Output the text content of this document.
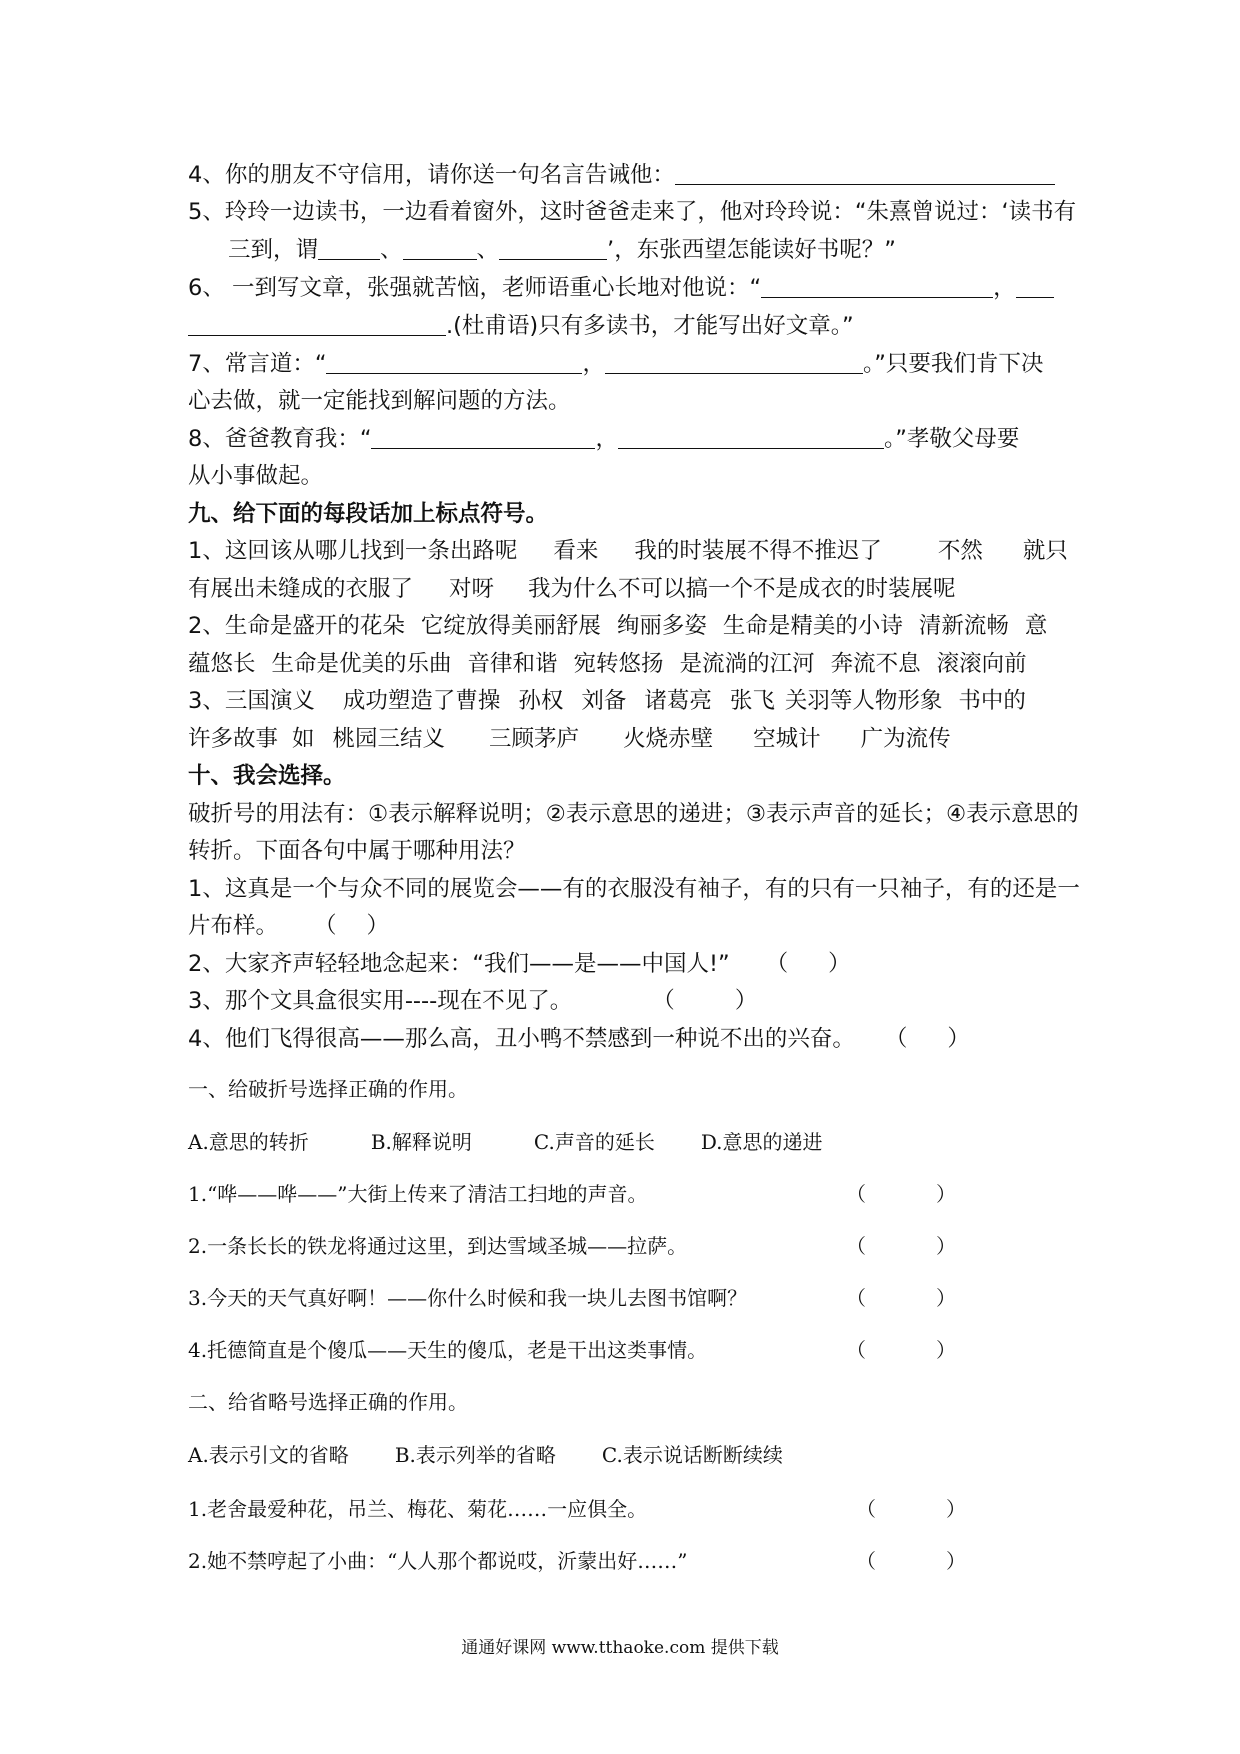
4、你的朋友不守信用，请你送一句名言告诫他：
5、玲玲一边读书，一边看着窗外，这时爸爸走来了，他对玲玲说：“朱熹曾说过：‘读书有
三到，谓	、	、	’，东张西望怎能读好书呢？”
6、 一到写文章，张强就苦恼，老师语重心长地对他说：“	，
.(杜甫语)只有多读书，才能写出好文章。”
7、常言道：“	，	。”只要我们肯下决
心去做，就一定能找到解问题的方法。
8、爸爸教育我：“	，	。”孝敬父母要
从小事做起。
九、给下面的每段话加上标点符号。
1、这回该从哪儿找到一条出路呢 看来 我的时装展不得不推迟了 不然 就只
有展出未缝成的衣服了 对呀 我为什么不可以搞一个不是成衣的时装展呢
2、生命是盛开的花朵 它绽放得美丽舒展 绚丽多姿 生命是精美的小诗 清新流畅 意
蕴悠长 生命是优美的乐曲 音律和谐 宛转悠扬 是流淌的江河 奔流不息 滚滚向前
3、三国演义 成功塑造了曹操 孙权 刘备 诸葛亮 张飞 关羽等人物形象 书中的
许多故事 如 桃园三结义 三顾茅庐 火烧赤壁 空城计 广为流传
十、我会选择。
破折号的用法有：①表示解释说明；②表示意思的递进；③表示声音的延长；④表示意思的
转折。下面各句中属于哪种用法？
1、这真是一个与众不同的展览会——有的衣服没有袖子，有的只有一只袖子，有的还是一
片布样。 （ ）
2、大家齐声轻轻地念起来：“我们——是——中国人!” （ ）
3、那个文具盒很实用----现在不见了。	（	）
4、他们飞得很高——那么高，丑小鸭不禁感到一种说不出的兴奋。 （ ）
一、给破折号选择正确的作用。
A.意思的转折	B.解释说明	C.声音的延长 D.意思的递进
1.“哗——哗——”大街上传来了清洁工扫地的声音。
2.一条长长的铁龙将通过这里，到达雪域圣城——拉萨。
3.今天的天气真好啊！——你什么时候和我一块儿去图书馆啊？
4.托德简直是个傻瓜——天生的傻瓜，老是干出这类事情。
（	）
（	）
（	）
（	）
二、给省略号选择正确的作用。
A.表示引文的省略 B.表示列举的省略 C.表示说话断断续续
1.老舍最爱种花，吊兰、梅花、菊花……一应俱全。
2.她不禁哼起了小曲：“人人那个都说哎，沂蒙出好……”
（	）
（	）
通通好课网 www.tthaoke.com 提供下载
